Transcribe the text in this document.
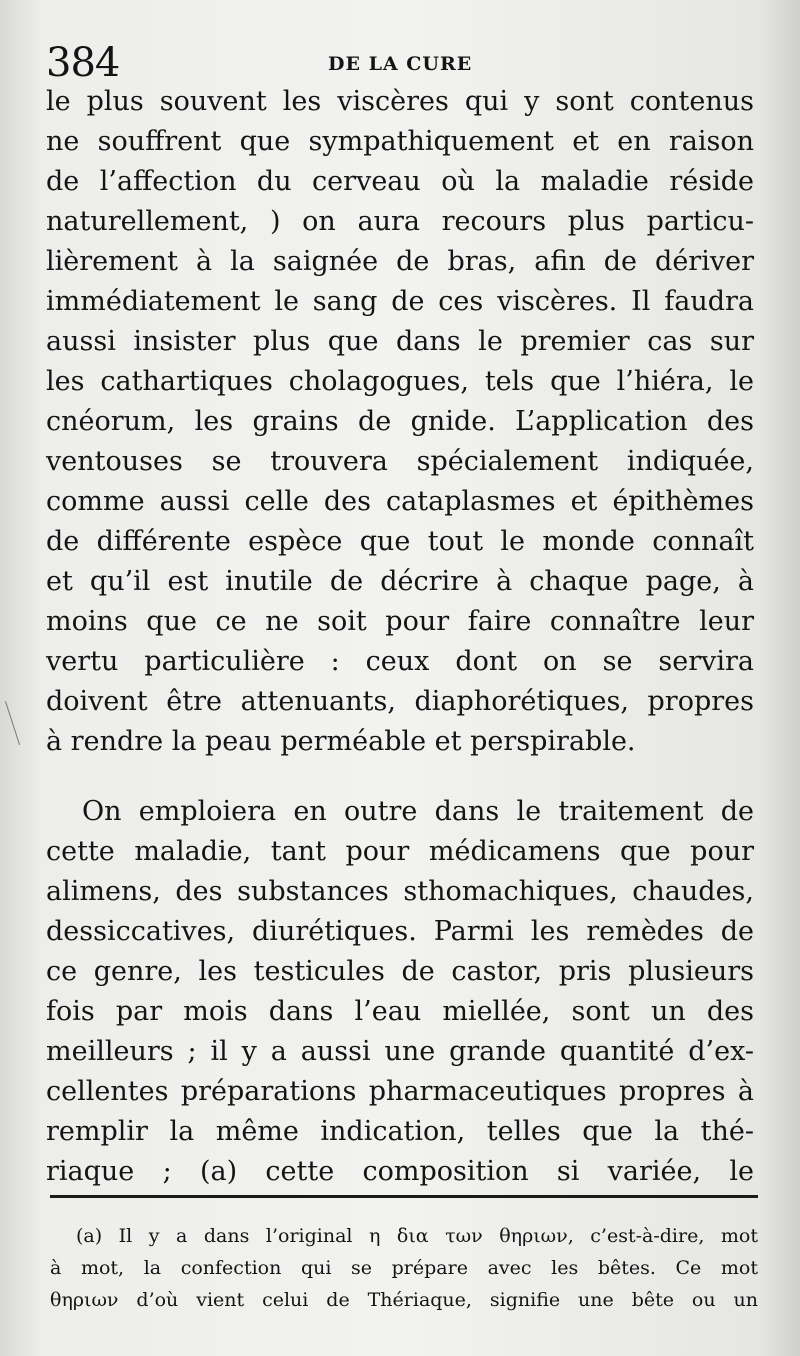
384	DE LA CURE
le plus souvent les viscères qui y sont contenus
ne souffrent que sympathiquement et en raison
de l’affection du cerveau où la maladie réside
naturellement, ) on aura recours plus particu-
lièrement à la saignée de bras, afin de dériver
immédiatement le sang de ces viscères. Il faudra
aussi insister plus que dans le premier cas sur
les cathartiques cholagogues, tels que l’hiéra, le
cnéorum, les grains de gnide. L’application des
ventouses se trouvera spécialement indiquée,
comme aussi celle des cataplasmes et épithèmes
de différente espèce que tout le monde connaît
et qu’il est inutile de décrire à chaque page, à
moins que ce ne soit pour faire connaître leur
vertu particulière : ceux dont on se servira
doivent être attenuants, diaphorétiques, propres
à rendre la peau perméable et perspirable.
On emploiera en outre dans le traitement de
cette maladie, tant pour médicamens que pour
alimens, des substances sthomachiques, chaudes,
dessiccatives, diurétiques. Parmi les remèdes de
ce genre, les testicules de castor, pris plusieurs
fois par mois dans l’eau miellée, sont un des
meilleurs ; il y a aussi une grande quantité d’ex-
cellentes préparations pharmaceutiques propres à
remplir la même indication, telles que la thé-
riaque ; (a) cette composition si variée, le
(a) Il y a dans l’original η δια των θηριων, c’est-à-dire, mot
à mot, la confection qui se prépare avec les bêtes. Ce mot
θηριων d’où vient celui de Thériaque, signifie une bête ou un
